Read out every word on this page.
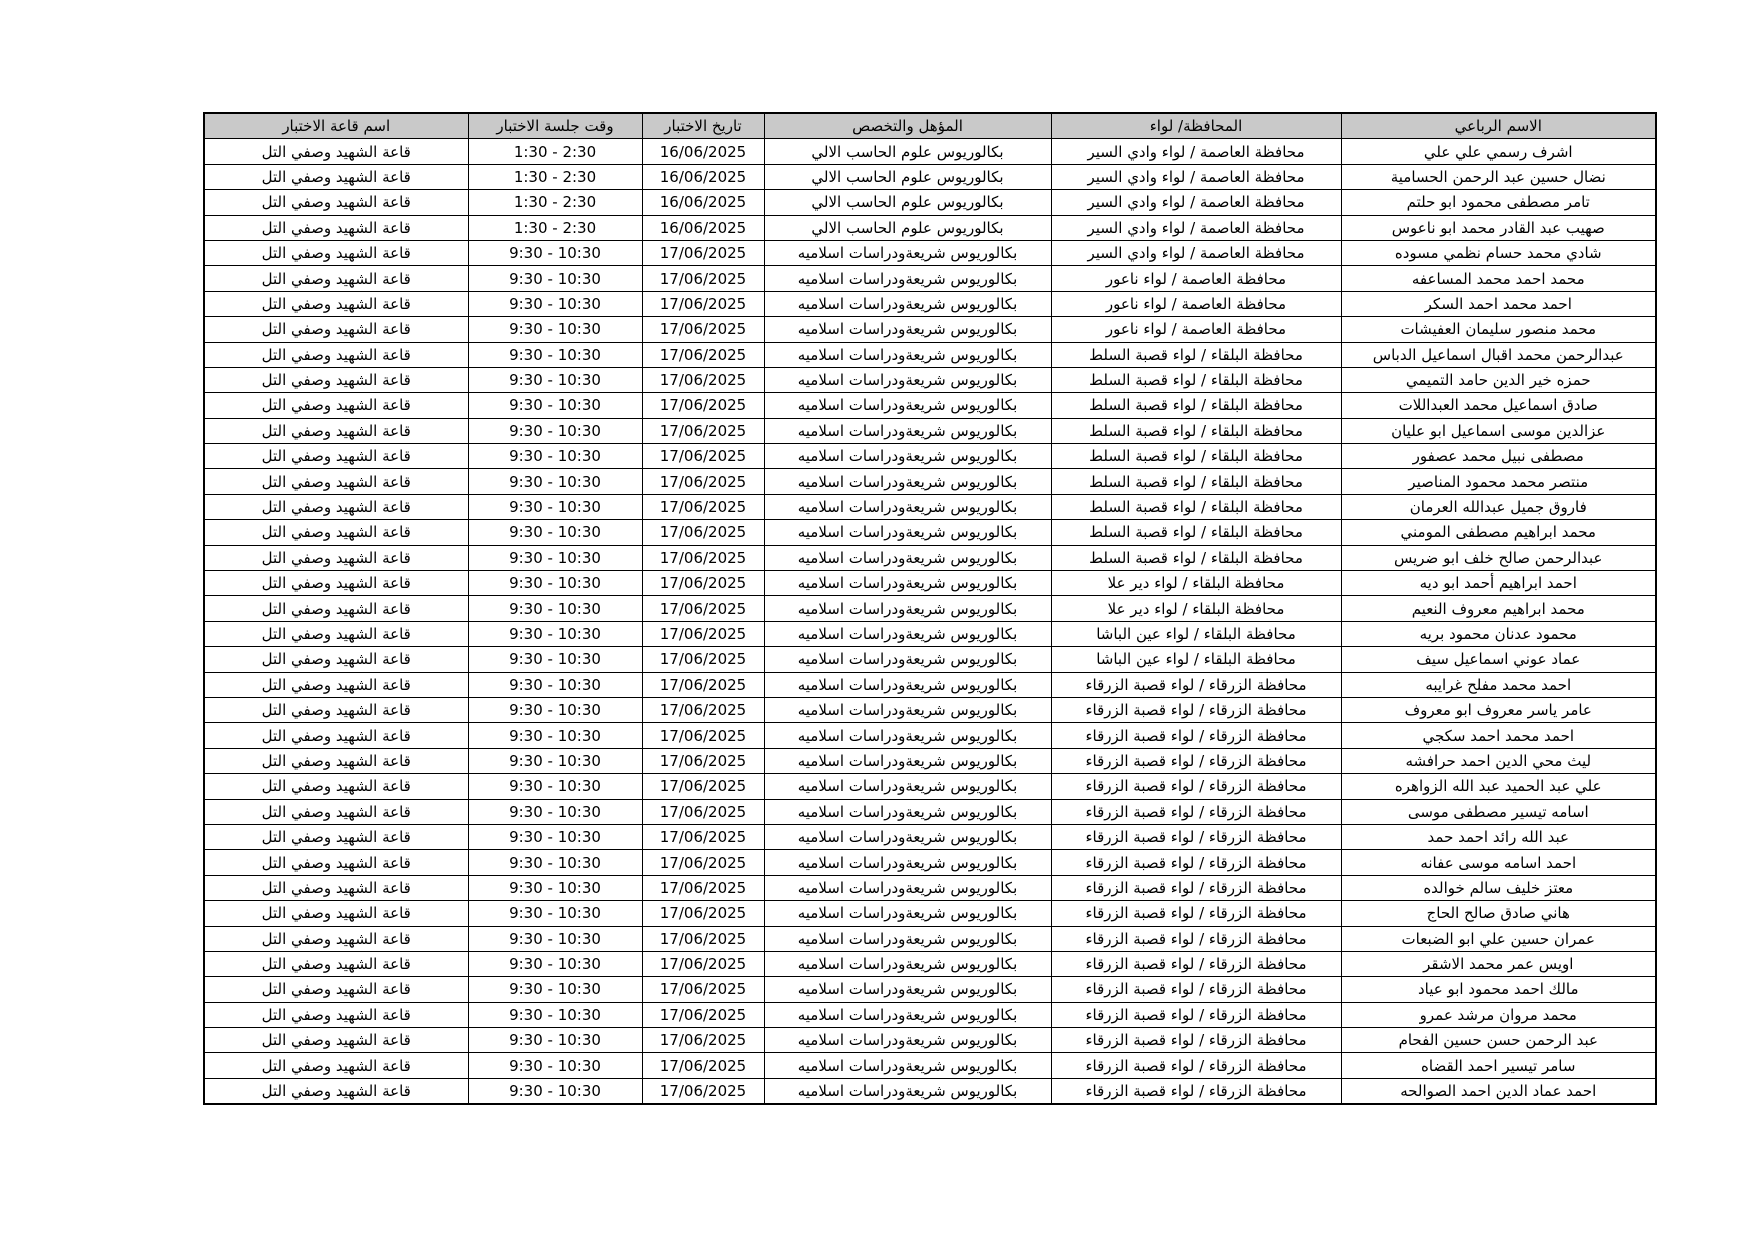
الاسم الرباعي	المحافظة/ لواء	المؤهل والتخصص	تاريخ الاختبار	وقت جلسة الاختبار	اسم قاعة الاختبار
اشرف رسمي علي علي	محافظة العاصمة / لواء وادي السير	بكالوريوس علوم الحاسب الالي	16/06/2025	1:30 - 2:30	قاعة الشهيد وصفي التل
نضال حسين عبد الرحمن الحسامية	محافظة العاصمة / لواء وادي السير	بكالوريوس علوم الحاسب الالي	16/06/2025	1:30 - 2:30	قاعة الشهيد وصفي التل
تامر مصطفى محمود ابو حلتم	محافظة العاصمة / لواء وادي السير	بكالوريوس علوم الحاسب الالي	16/06/2025	1:30 - 2:30	قاعة الشهيد وصفي التل
صهيب عبد القادر محمد ابو ناعوس	محافظة العاصمة / لواء وادي السير	بكالوريوس علوم الحاسب الالي	16/06/2025	1:30 - 2:30	قاعة الشهيد وصفي التل
شادي محمد حسام نظمي مسوده	محافظة العاصمة / لواء وادي السير	بكالوريوس شريعةودراسات اسلاميه	17/06/2025	9:30 - 10:30	قاعة الشهيد وصفي التل
محمد احمد محمد المساعفه	محافظة العاصمة / لواء ناعور	بكالوريوس شريعةودراسات اسلاميه	17/06/2025	9:30 - 10:30	قاعة الشهيد وصفي التل
احمد محمد احمد السكر	محافظة العاصمة / لواء ناعور	بكالوريوس شريعةودراسات اسلاميه	17/06/2025	9:30 - 10:30	قاعة الشهيد وصفي التل
محمد منصور سليمان العفيشات	محافظة العاصمة / لواء ناعور	بكالوريوس شريعةودراسات اسلاميه	17/06/2025	9:30 - 10:30	قاعة الشهيد وصفي التل
عبدالرحمن محمد اقبال اسماعيل الدباس	محافظة البلقاء / لواء قصبة السلط	بكالوريوس شريعةودراسات اسلاميه	17/06/2025	9:30 - 10:30	قاعة الشهيد وصفي التل
حمزه خير الدين حامد التميمي	محافظة البلقاء / لواء قصبة السلط	بكالوريوس شريعةودراسات اسلاميه	17/06/2025	9:30 - 10:30	قاعة الشهيد وصفي التل
صادق اسماعيل محمد العبداللات	محافظة البلقاء / لواء قصبة السلط	بكالوريوس شريعةودراسات اسلاميه	17/06/2025	9:30 - 10:30	قاعة الشهيد وصفي التل
عزالدين موسى اسماعيل ابو عليان	محافظة البلقاء / لواء قصبة السلط	بكالوريوس شريعةودراسات اسلاميه	17/06/2025	9:30 - 10:30	قاعة الشهيد وصفي التل
مصطفى نبيل محمد عصفور	محافظة البلقاء / لواء قصبة السلط	بكالوريوس شريعةودراسات اسلاميه	17/06/2025	9:30 - 10:30	قاعة الشهيد وصفي التل
منتصر محمد محمود المناصير	محافظة البلقاء / لواء قصبة السلط	بكالوريوس شريعةودراسات اسلاميه	17/06/2025	9:30 - 10:30	قاعة الشهيد وصفي التل
فاروق جميل عبدالله العرمان	محافظة البلقاء / لواء قصبة السلط	بكالوريوس شريعةودراسات اسلاميه	17/06/2025	9:30 - 10:30	قاعة الشهيد وصفي التل
محمد ابراهيم مصطفى المومني	محافظة البلقاء / لواء قصبة السلط	بكالوريوس شريعةودراسات اسلاميه	17/06/2025	9:30 - 10:30	قاعة الشهيد وصفي التل
عبدالرحمن صالح خلف ابو ضريس	محافظة البلقاء / لواء قصبة السلط	بكالوريوس شريعةودراسات اسلاميه	17/06/2025	9:30 - 10:30	قاعة الشهيد وصفي التل
احمد ابراهيم أحمد ابو ديه	محافظة البلقاء / لواء دير علا	بكالوريوس شريعةودراسات اسلاميه	17/06/2025	9:30 - 10:30	قاعة الشهيد وصفي التل
محمد ابراهيم معروف النعيم	محافظة البلقاء / لواء دير علا	بكالوريوس شريعةودراسات اسلاميه	17/06/2025	9:30 - 10:30	قاعة الشهيد وصفي التل
محمود عدنان محمود بريه	محافظة البلقاء / لواء عين الباشا	بكالوريوس شريعةودراسات اسلاميه	17/06/2025	9:30 - 10:30	قاعة الشهيد وصفي التل
عماد عوني اسماعيل سيف	محافظة البلقاء / لواء عين الباشا	بكالوريوس شريعةودراسات اسلاميه	17/06/2025	9:30 - 10:30	قاعة الشهيد وصفي التل
احمد محمد مفلح غرايبه	محافظة الزرقاء / لواء قصبة الزرقاء	بكالوريوس شريعةودراسات اسلاميه	17/06/2025	9:30 - 10:30	قاعة الشهيد وصفي التل
عامر ياسر معروف ابو معروف	محافظة الزرقاء / لواء قصبة الزرقاء	بكالوريوس شريعةودراسات اسلاميه	17/06/2025	9:30 - 10:30	قاعة الشهيد وصفي التل
احمد محمد احمد سكجي	محافظة الزرقاء / لواء قصبة الزرقاء	بكالوريوس شريعةودراسات اسلاميه	17/06/2025	9:30 - 10:30	قاعة الشهيد وصفي التل
ليث محي الدين احمد حرافشه	محافظة الزرقاء / لواء قصبة الزرقاء	بكالوريوس شريعةودراسات اسلاميه	17/06/2025	9:30 - 10:30	قاعة الشهيد وصفي التل
علي عبد الحميد عبد الله الزواهره	محافظة الزرقاء / لواء قصبة الزرقاء	بكالوريوس شريعةودراسات اسلاميه	17/06/2025	9:30 - 10:30	قاعة الشهيد وصفي التل
اسامه تيسير مصطفى موسى	محافظة الزرقاء / لواء قصبة الزرقاء	بكالوريوس شريعةودراسات اسلاميه	17/06/2025	9:30 - 10:30	قاعة الشهيد وصفي التل
عبد الله رائد احمد حمد	محافظة الزرقاء / لواء قصبة الزرقاء	بكالوريوس شريعةودراسات اسلاميه	17/06/2025	9:30 - 10:30	قاعة الشهيد وصفي التل
احمد اسامه موسى عفانه	محافظة الزرقاء / لواء قصبة الزرقاء	بكالوريوس شريعةودراسات اسلاميه	17/06/2025	9:30 - 10:30	قاعة الشهيد وصفي التل
معتز خليف سالم خوالده	محافظة الزرقاء / لواء قصبة الزرقاء	بكالوريوس شريعةودراسات اسلاميه	17/06/2025	9:30 - 10:30	قاعة الشهيد وصفي التل
هاني صادق صالح الحاج	محافظة الزرقاء / لواء قصبة الزرقاء	بكالوريوس شريعةودراسات اسلاميه	17/06/2025	9:30 - 10:30	قاعة الشهيد وصفي التل
عمران حسين علي ابو الضبعات	محافظة الزرقاء / لواء قصبة الزرقاء	بكالوريوس شريعةودراسات اسلاميه	17/06/2025	9:30 - 10:30	قاعة الشهيد وصفي التل
اويس عمر محمد الاشقر	محافظة الزرقاء / لواء قصبة الزرقاء	بكالوريوس شريعةودراسات اسلاميه	17/06/2025	9:30 - 10:30	قاعة الشهيد وصفي التل
مالك احمد محمود ابو عياد	محافظة الزرقاء / لواء قصبة الزرقاء	بكالوريوس شريعةودراسات اسلاميه	17/06/2025	9:30 - 10:30	قاعة الشهيد وصفي التل
محمد مروان مرشد عمرو	محافظة الزرقاء / لواء قصبة الزرقاء	بكالوريوس شريعةودراسات اسلاميه	17/06/2025	9:30 - 10:30	قاعة الشهيد وصفي التل
عبد الرحمن حسن حسين الفحام	محافظة الزرقاء / لواء قصبة الزرقاء	بكالوريوس شريعةودراسات اسلاميه	17/06/2025	9:30 - 10:30	قاعة الشهيد وصفي التل
سامر تيسير احمد القضاه	محافظة الزرقاء / لواء قصبة الزرقاء	بكالوريوس شريعةودراسات اسلاميه	17/06/2025	9:30 - 10:30	قاعة الشهيد وصفي التل
احمد عماد الدين احمد الصوالحه	محافظة الزرقاء / لواء قصبة الزرقاء	بكالوريوس شريعةودراسات اسلاميه	17/06/2025	9:30 - 10:30	قاعة الشهيد وصفي التل
